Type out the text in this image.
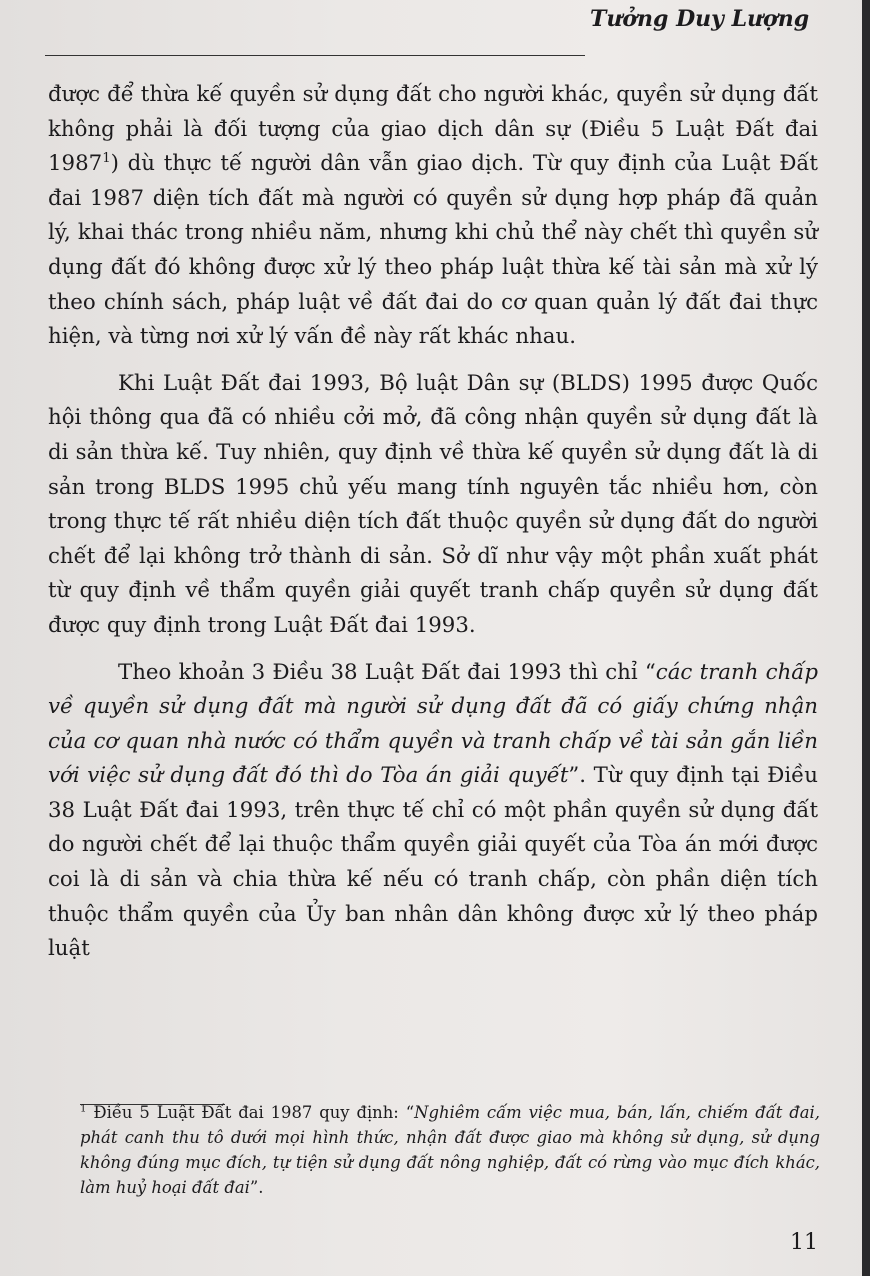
Tưởng Duy Lượng

được để thừa kế quyền sử dụng đất cho người khác, quyền sử dụng đất không phải là đối tượng của giao dịch dân sự (Điều 5 Luật Đất đai 1987$^1$) dù thực tế người dân vẫn giao dịch. Từ quy định của Luật Đất đai 1987 diện tích đất mà người có quyền sử dụng hợp pháp đã quản lý, khai thác trong nhiều năm, nhưng khi chủ thể này chết thì quyền sử dụng đất đó không được xử lý theo pháp luật thừa kế tài sản mà xử lý theo chính sách, pháp luật về đất đai do cơ quan quản lý đất đai thực hiện, và từng nơi xử lý vấn đề này rất khác nhau.

Khi Luật Đất đai 1993, Bộ luật Dân sự (BLDS) 1995 được Quốc hội thông qua đã có nhiều cởi mở, đã công nhận quyền sử dụng đất là di sản thừa kế. Tuy nhiên, quy định về thừa kế quyền sử dụng đất là di sản trong BLDS 1995 chủ yếu mang tính nguyên tắc nhiều hơn, còn trong thực tế rất nhiều diện tích đất thuộc quyền sử dụng đất do người chết để lại không trở thành di sản. Sở dĩ như vậy một phần xuất phát từ quy định về thẩm quyền giải quyết tranh chấp quyền sử dụng đất được quy định trong Luật Đất đai 1993.

Theo khoản 3 Điều 38 Luật Đất đai 1993 thì chỉ “các tranh chấp về quyền sử dụng đất mà người sử dụng đất đã có giấy chứng nhận của cơ quan nhà nước có thẩm quyền và tranh chấp về tài sản gắn liền với việc sử dụng đất đó thì do Tòa án giải quyết”. Từ quy định tại Điều 38 Luật Đất đai 1993, trên thực tế chỉ có một phần quyền sử dụng đất do người chết để lại thuộc thẩm quyền giải quyết của Tòa án mới được coi là di sản và chia thừa kế nếu có tranh chấp, còn phần diện tích thuộc thẩm quyền của Ủy ban nhân dân không được xử lý theo pháp luật

$^1$ Điều 5 Luật Đất đai 1987 quy định: “Nghiêm cấm việc mua, bán, lấn, chiếm đất đai, phát canh thu tô dưới mọi hình thức, nhận đất được giao mà không sử dụng, sử dụng không đúng mục đích, tự tiện sử dụng đất nông nghiệp, đất có rừng vào mục đích khác, làm huỷ hoại đất đai”.

11
